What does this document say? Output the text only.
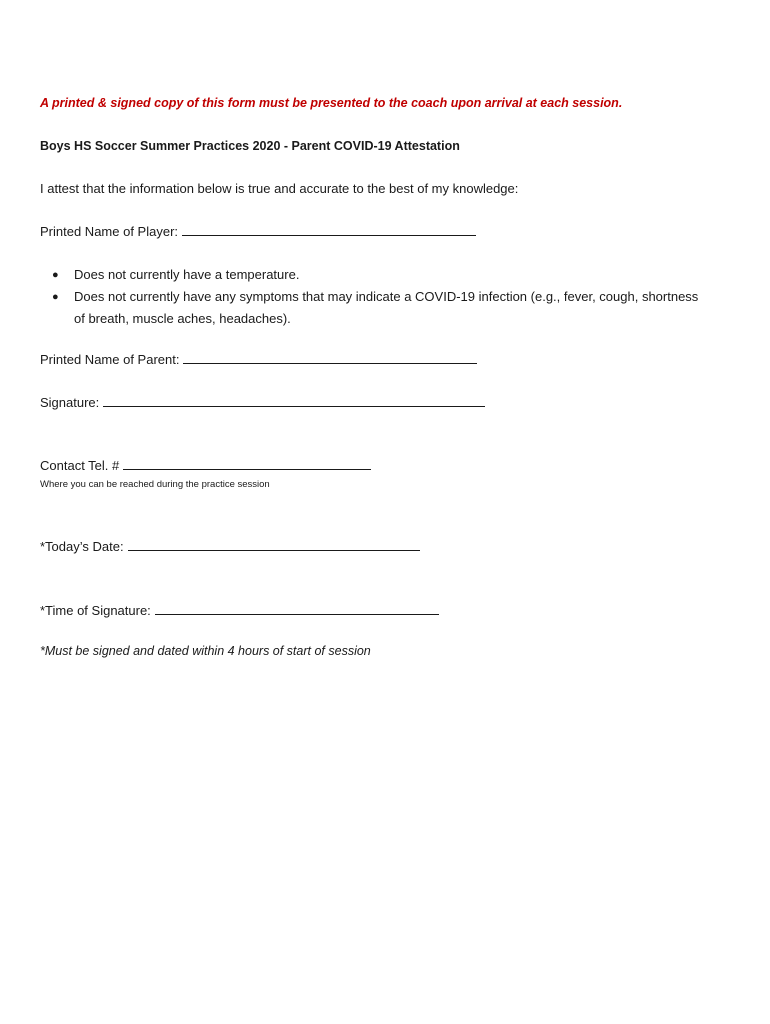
A printed & signed copy of this form must be presented to the coach upon arrival at each session.
Boys HS Soccer Summer Practices 2020 - Parent COVID-19 Attestation
I attest that the information below is true and accurate to the best of my knowledge:
Printed Name of Player:
● Does not currently have a temperature.
● Does not currently have any symptoms that may indicate a COVID-19 infection (e.g., fever, cough, shortness of breath, muscle aches, headaches).
Printed Name of Parent:
Signature:
Contact Tel. #
Where you can be reached during the practice session
*Today’s Date:
*Time of Signature:
*Must be signed and dated within 4 hours of start of session
